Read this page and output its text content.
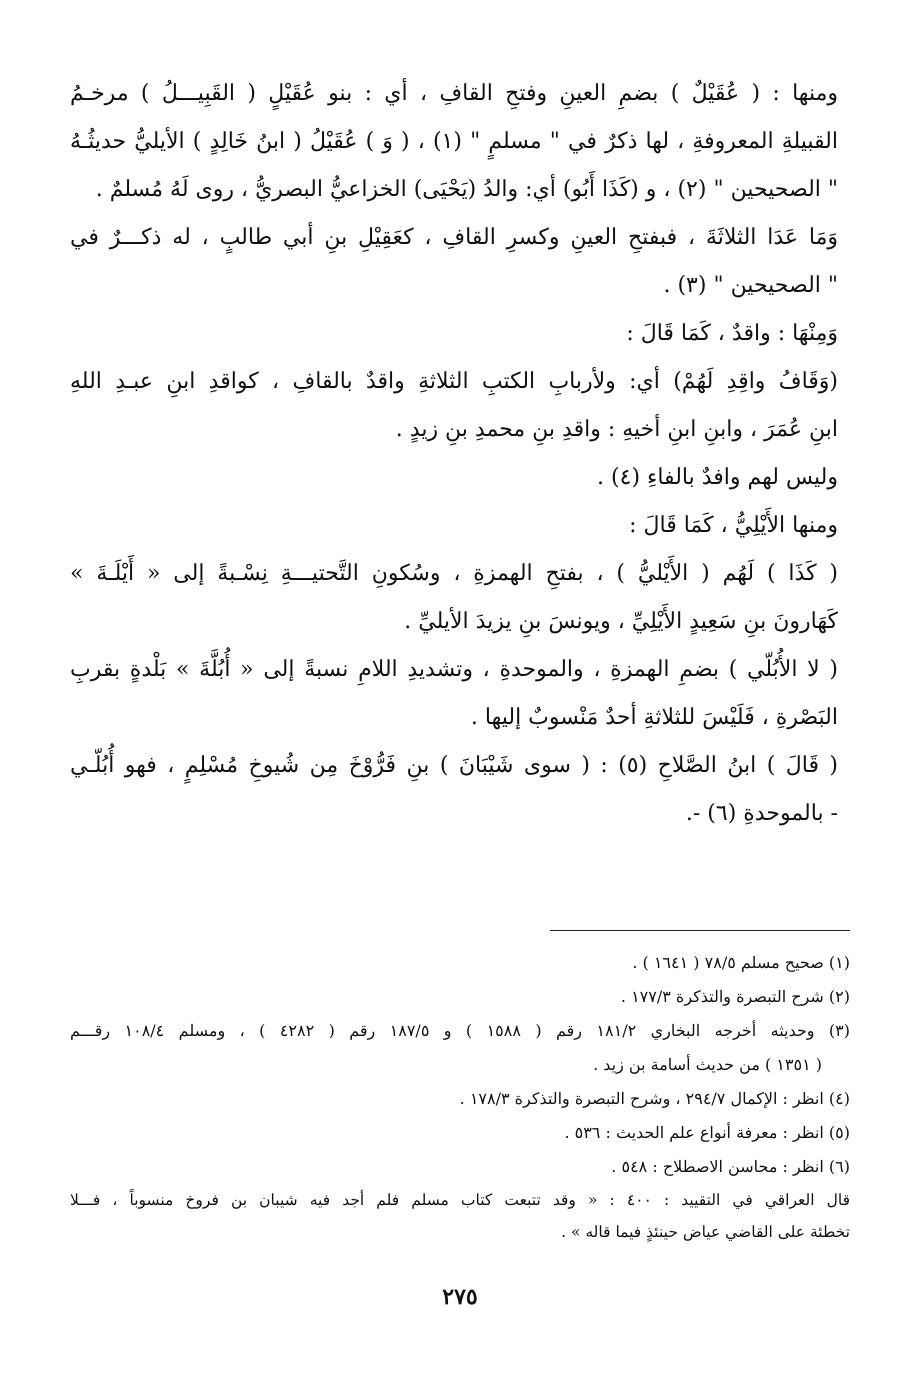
ومنها : ( عُقَيْلٌ ) بضمِ العينِ وفتحِ القافِ ، أي : بنو عُقَيْلٍ ( القَبِيـــلُ ) مرخـمُ
القبيلةِ المعروفةِ ، لها ذكرٌ في " مسلمٍ " (١) ، ( وَ ) عُقَيْلُ ( ابنُ خَالِدٍ ) الأيليُّ حديثُـهُ
" الصحيحين " (٢) ، و (كَذَا أَبُو) أي: والدُ (يَحْيَى) الخزاعيُّ البصريُّ ، روى لَهُ مُسلمٌ .
وَمَا عَدَا الثلاثَةَ ، فبفتحِ العينِ وكسرِ القافِ ، كعَقِيْلِ بنِ أبي طالبٍ ، له ذكـــرٌ في
" الصحيحين " (٣) .
وَمِنْهَا : واقدٌ ، كَمَا قَالَ :
(وَقَافُ واقِدِ لَهُمْ) أي: ولأربابِ الكتبِ الثلاثةِ واقدٌ بالقافِ ، كواقدِ ابنِ عبـدِ اللهِ
ابنِ عُمَرَ ، وابنِ ابنِ أخيهِ : واقدِ بنِ محمدِ بنِ زيدٍ .
وليس لهم وافدٌ بالفاءِ (٤) .
ومنها الأَيْلِيُّ ، كَمَا قَالَ :
( كَذَا ) لَهُم ( الأَيْليُّ ) ، بفتحِ الهمزةِ ، وسُكونِ التَّحتيـــةِ نِسْـبةً إلى « أَيْلَـةَ »
كَهَارونَ بنِ سَعِيدٍ الأَيْلِيِّ ، ويونسَ بنِ يزيدَ الأيليِّ .
( لا الأُبُلّي ) بضمِ الهمزةِ ، والموحدةِ ، وتشديدِ اللامِ نسبةً إلى « أُبُلَّةَ » بَلْدةٍ بقربِ
البَصْرةِ ، فَلَيْسَ للثلاثةِ أحدٌ مَنْسوبٌ إليها .
( قَالَ ) ابنُ الصَّلاحِ (٥) : ( سوى شَيْبَانَ ) بنِ فَرُّوْخَ مِن شُيوخِ مُسْلِمٍ ، فهو أُبُلّـي
- بالموحدةِ (٦) -.
(١) صحيح مسلم ٧٨/٥ ( ١٦٤١ ) .
(٢) شرح التبصرة والتذكرة ١٧٧/٣ .
(٣) وحديثه أخرجه البخاري ١٨١/٢ رقم ( ١٥٨٨ ) و ١٨٧/٥ رقم ( ٤٢٨٢ ) ، ومسلم ١٠٨/٤ رقـــم
( ١٣٥١ ) من حديث أسامة بن زيد .
(٤) انظر : الإكمال ٢٩٤/٧ ، وشرح التبصرة والتذكرة ١٧٨/٣ .
(٥) انظر : معرفة أنواع علم الحديث : ٥٣٦ .
(٦) انظر : محاسن الاصطلاح : ٥٤٨ .
قال العراقي في التقييد : ٤٠٠ : « وقد تتبعت كتاب مسلم فلم أجد فيه شيبان بن فروخ منسوباً ، فـــلا
تخطئة على القاضي عياض حينئذٍ فيما قاله » .
٢٧٥
